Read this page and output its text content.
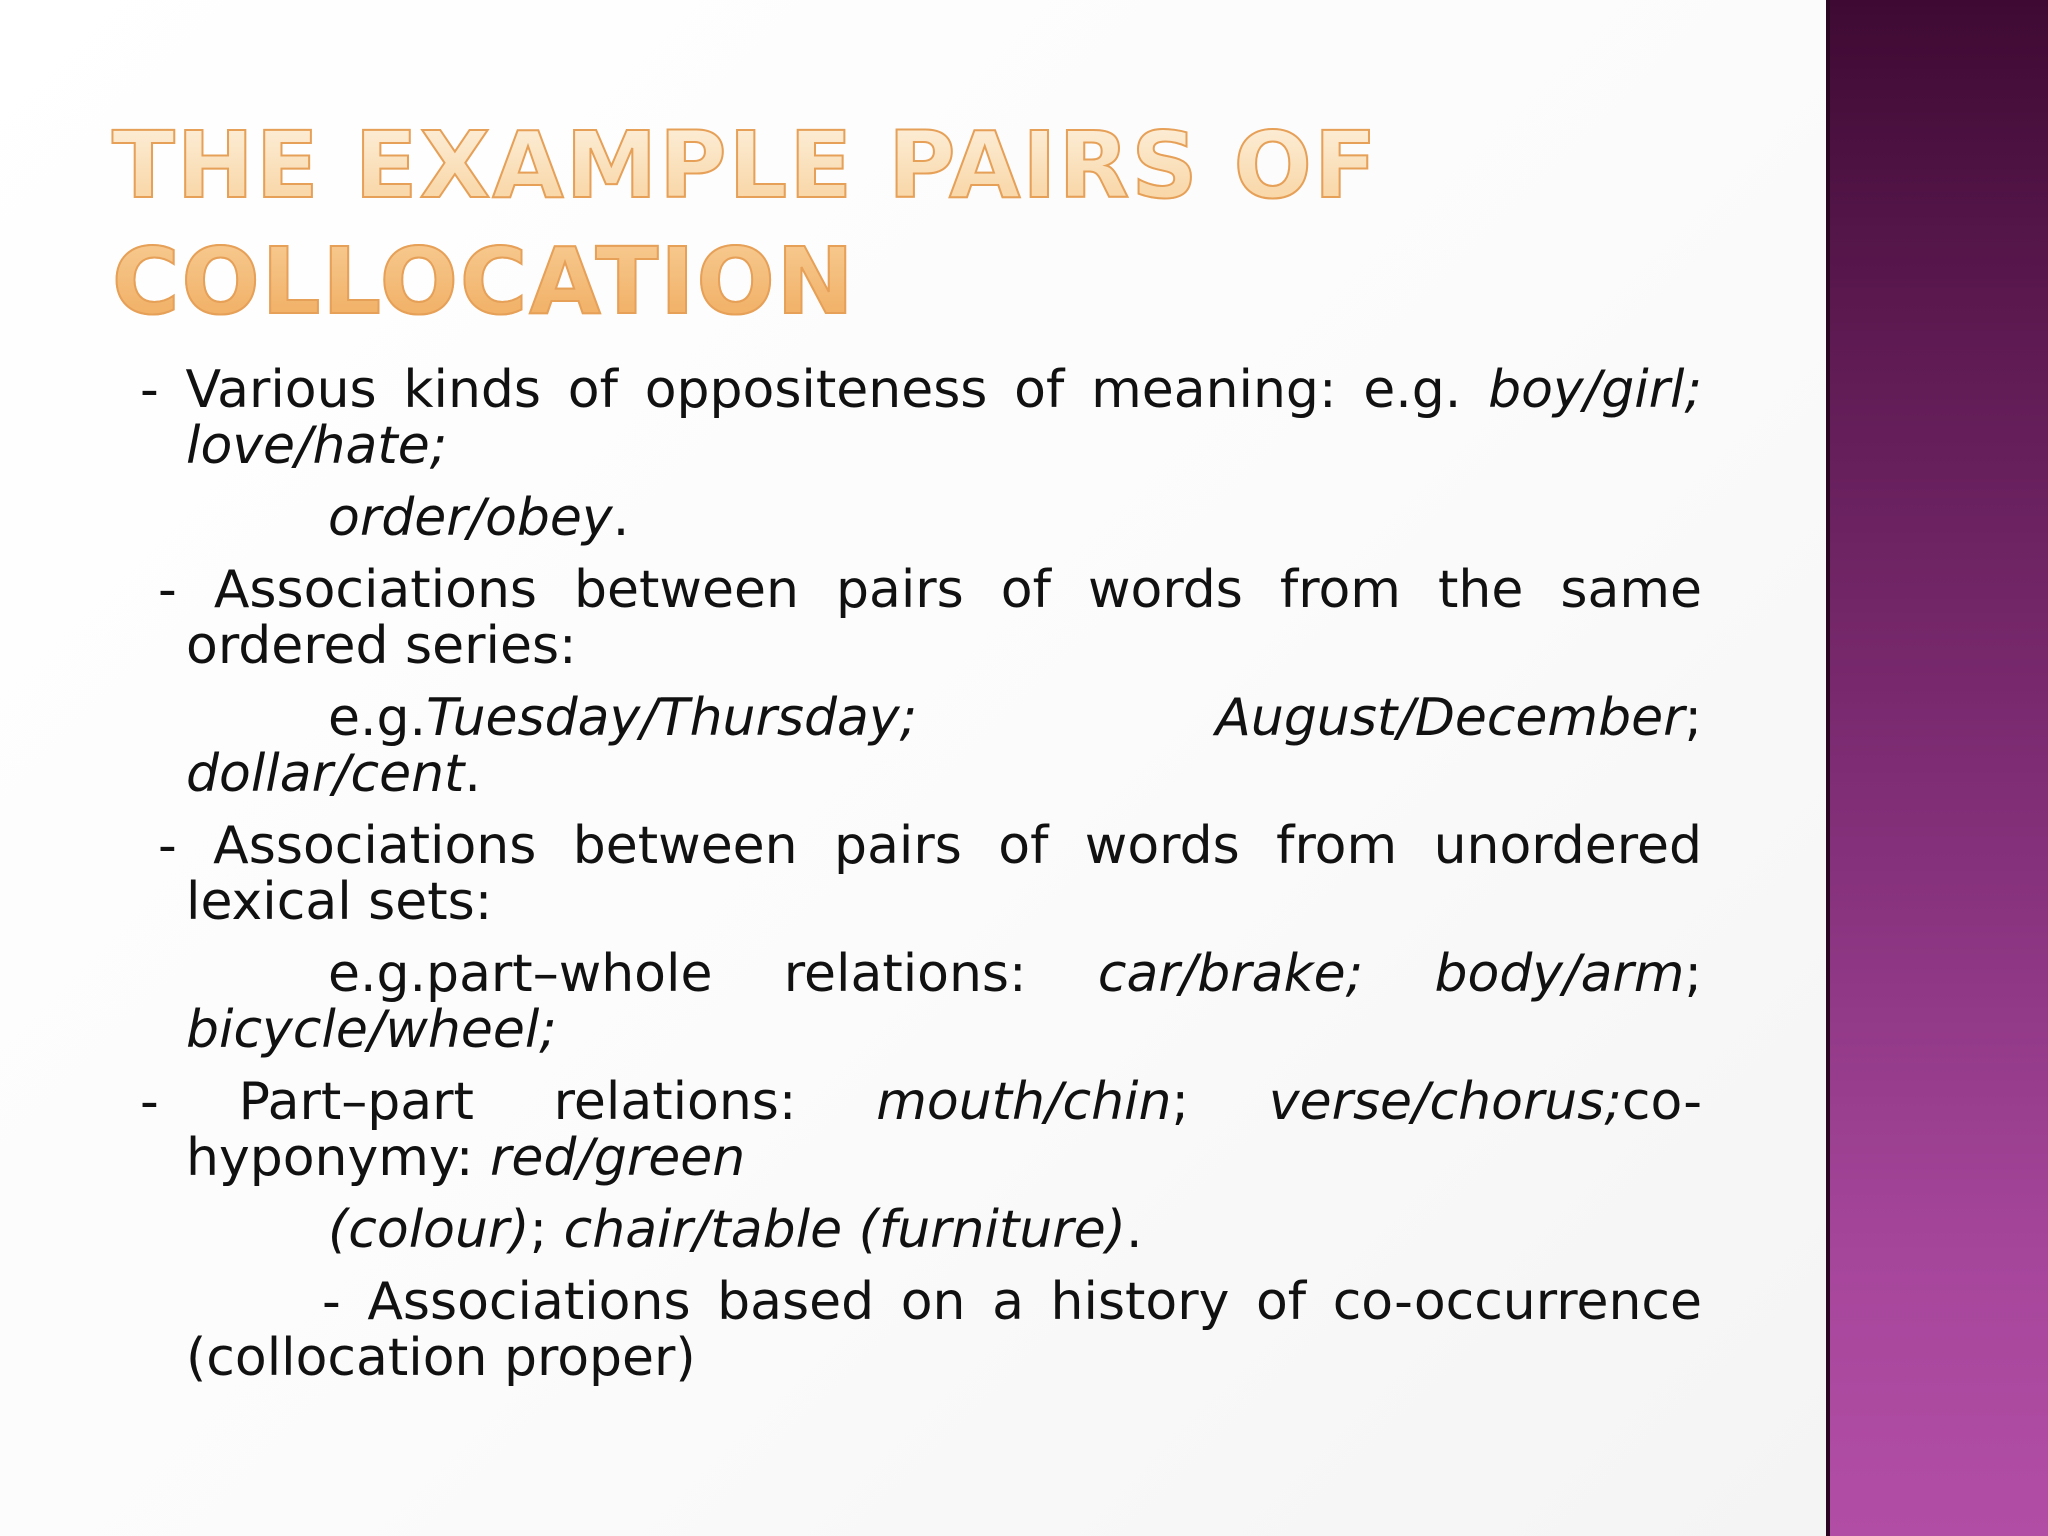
THE EXAMPLE PAIRS OF COLLOCATION

- Various kinds of oppositeness of meaning: e.g. boy/girl; love/hate;

order/obey.

- Associations between pairs of words from the same ordered series:

e.g.Tuesday/Thursday; August/December; dollar/cent.

- Associations between pairs of words from unordered lexical sets:

e.g.part–whole relations: car/brake; body/arm; bicycle/wheel;

- Part–part relations: mouth/chin; verse/chorus;co-hyponymy: red/green

(colour); chair/table (furniture).

- Associations based on a history of co-occurrence (collocation proper)
